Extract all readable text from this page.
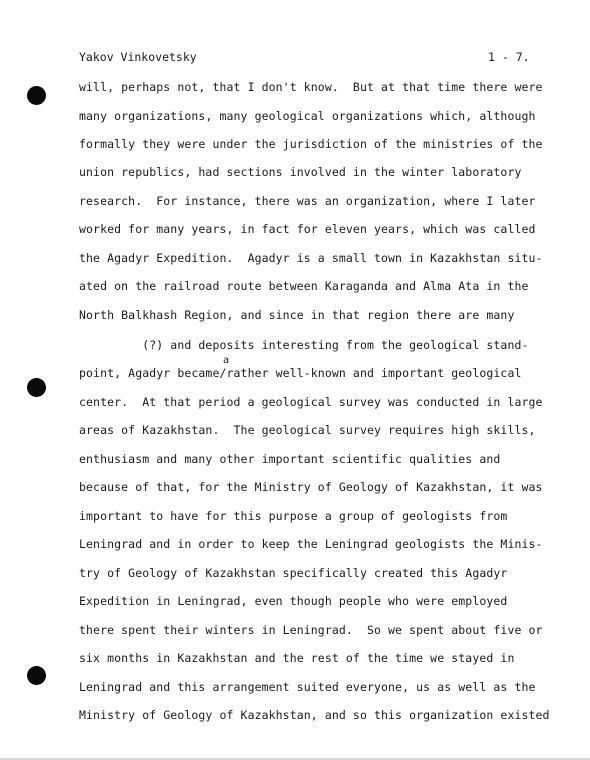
Yakov Vinkovetsky	1 - 7.
a
will, perhaps not, that I don't know.  But at that time there were
many organizations, many geological organizations which, although
formally they were under the jurisdiction of the ministries of the
union republics, had sections involved in the winter laboratory
research.  For instance, there was an organization, where I later
worked for many years, in fact for eleven years, which was called
the Agadyr Expedition.  Agadyr is a small town in Kazakhstan situ-
ated on the railroad route between Karaganda and Alma Ata in the
North Balkhash Region, and since in that region there are many
(?) and deposits interesting from the geological stand-
point, Agadyr became/rather well-known and important geological
center.  At that period a geological survey was conducted in large
areas of Kazakhstan.  The geological survey requires high skills,
enthusiasm and many other important scientific qualities and
because of that, for the Ministry of Geology of Kazakhstan, it was
important to have for this purpose a group of geologists from
Leningrad and in order to keep the Leningrad geologists the Minis-
try of Geology of Kazakhstan specifically created this Agadyr
Expedition in Leningrad, even though people who were employed
there spent their winters in Leningrad.  So we spent about five or
six months in Kazakhstan and the rest of the time we stayed in
Leningrad and this arrangement suited everyone, us as well as the
Ministry of Geology of Kazakhstan, and so this organization existed
